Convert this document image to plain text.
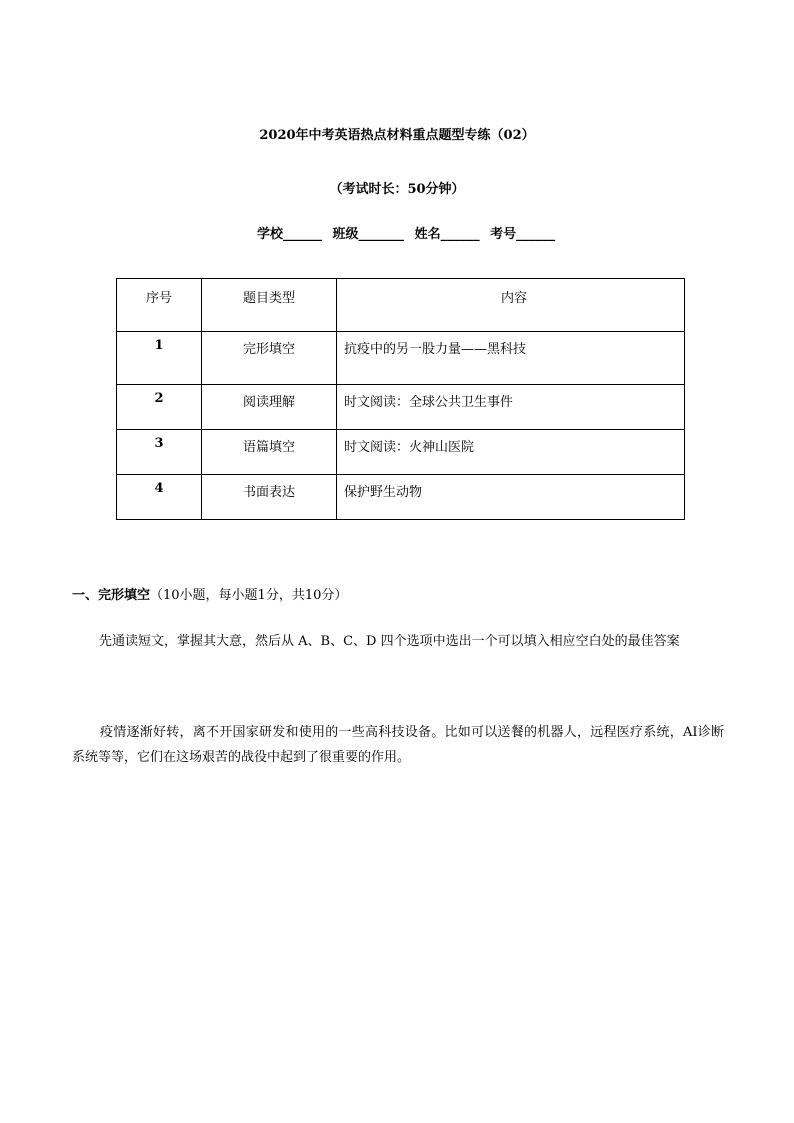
2020年中考英语热点材料重点题型专练（02）
（考试时长：50分钟）
学校______ 班级_______ 姓名______ 考号______
序号	题目类型	内容
1	完形填空	抗疫中的另一股力量——黑科技
2	阅读理解	时文阅读：全球公共卫生事件
3	语篇填空	时文阅读：火神山医院
4	书面表达	保护野生动物
一、完形填空（10小题，每小题1分，共10分）
先通读短文，掌握其大意，然后从 A、B、C、D 四个选项中选出一个可以填入相应空白处的最佳答案
疫情逐渐好转，离不开国家研发和使用的一些高科技设备。比如可以送餐的机器人，远程医疗系统，AI诊断系统等等，它们在这场艰苦的战役中起到了很重要的作用。
